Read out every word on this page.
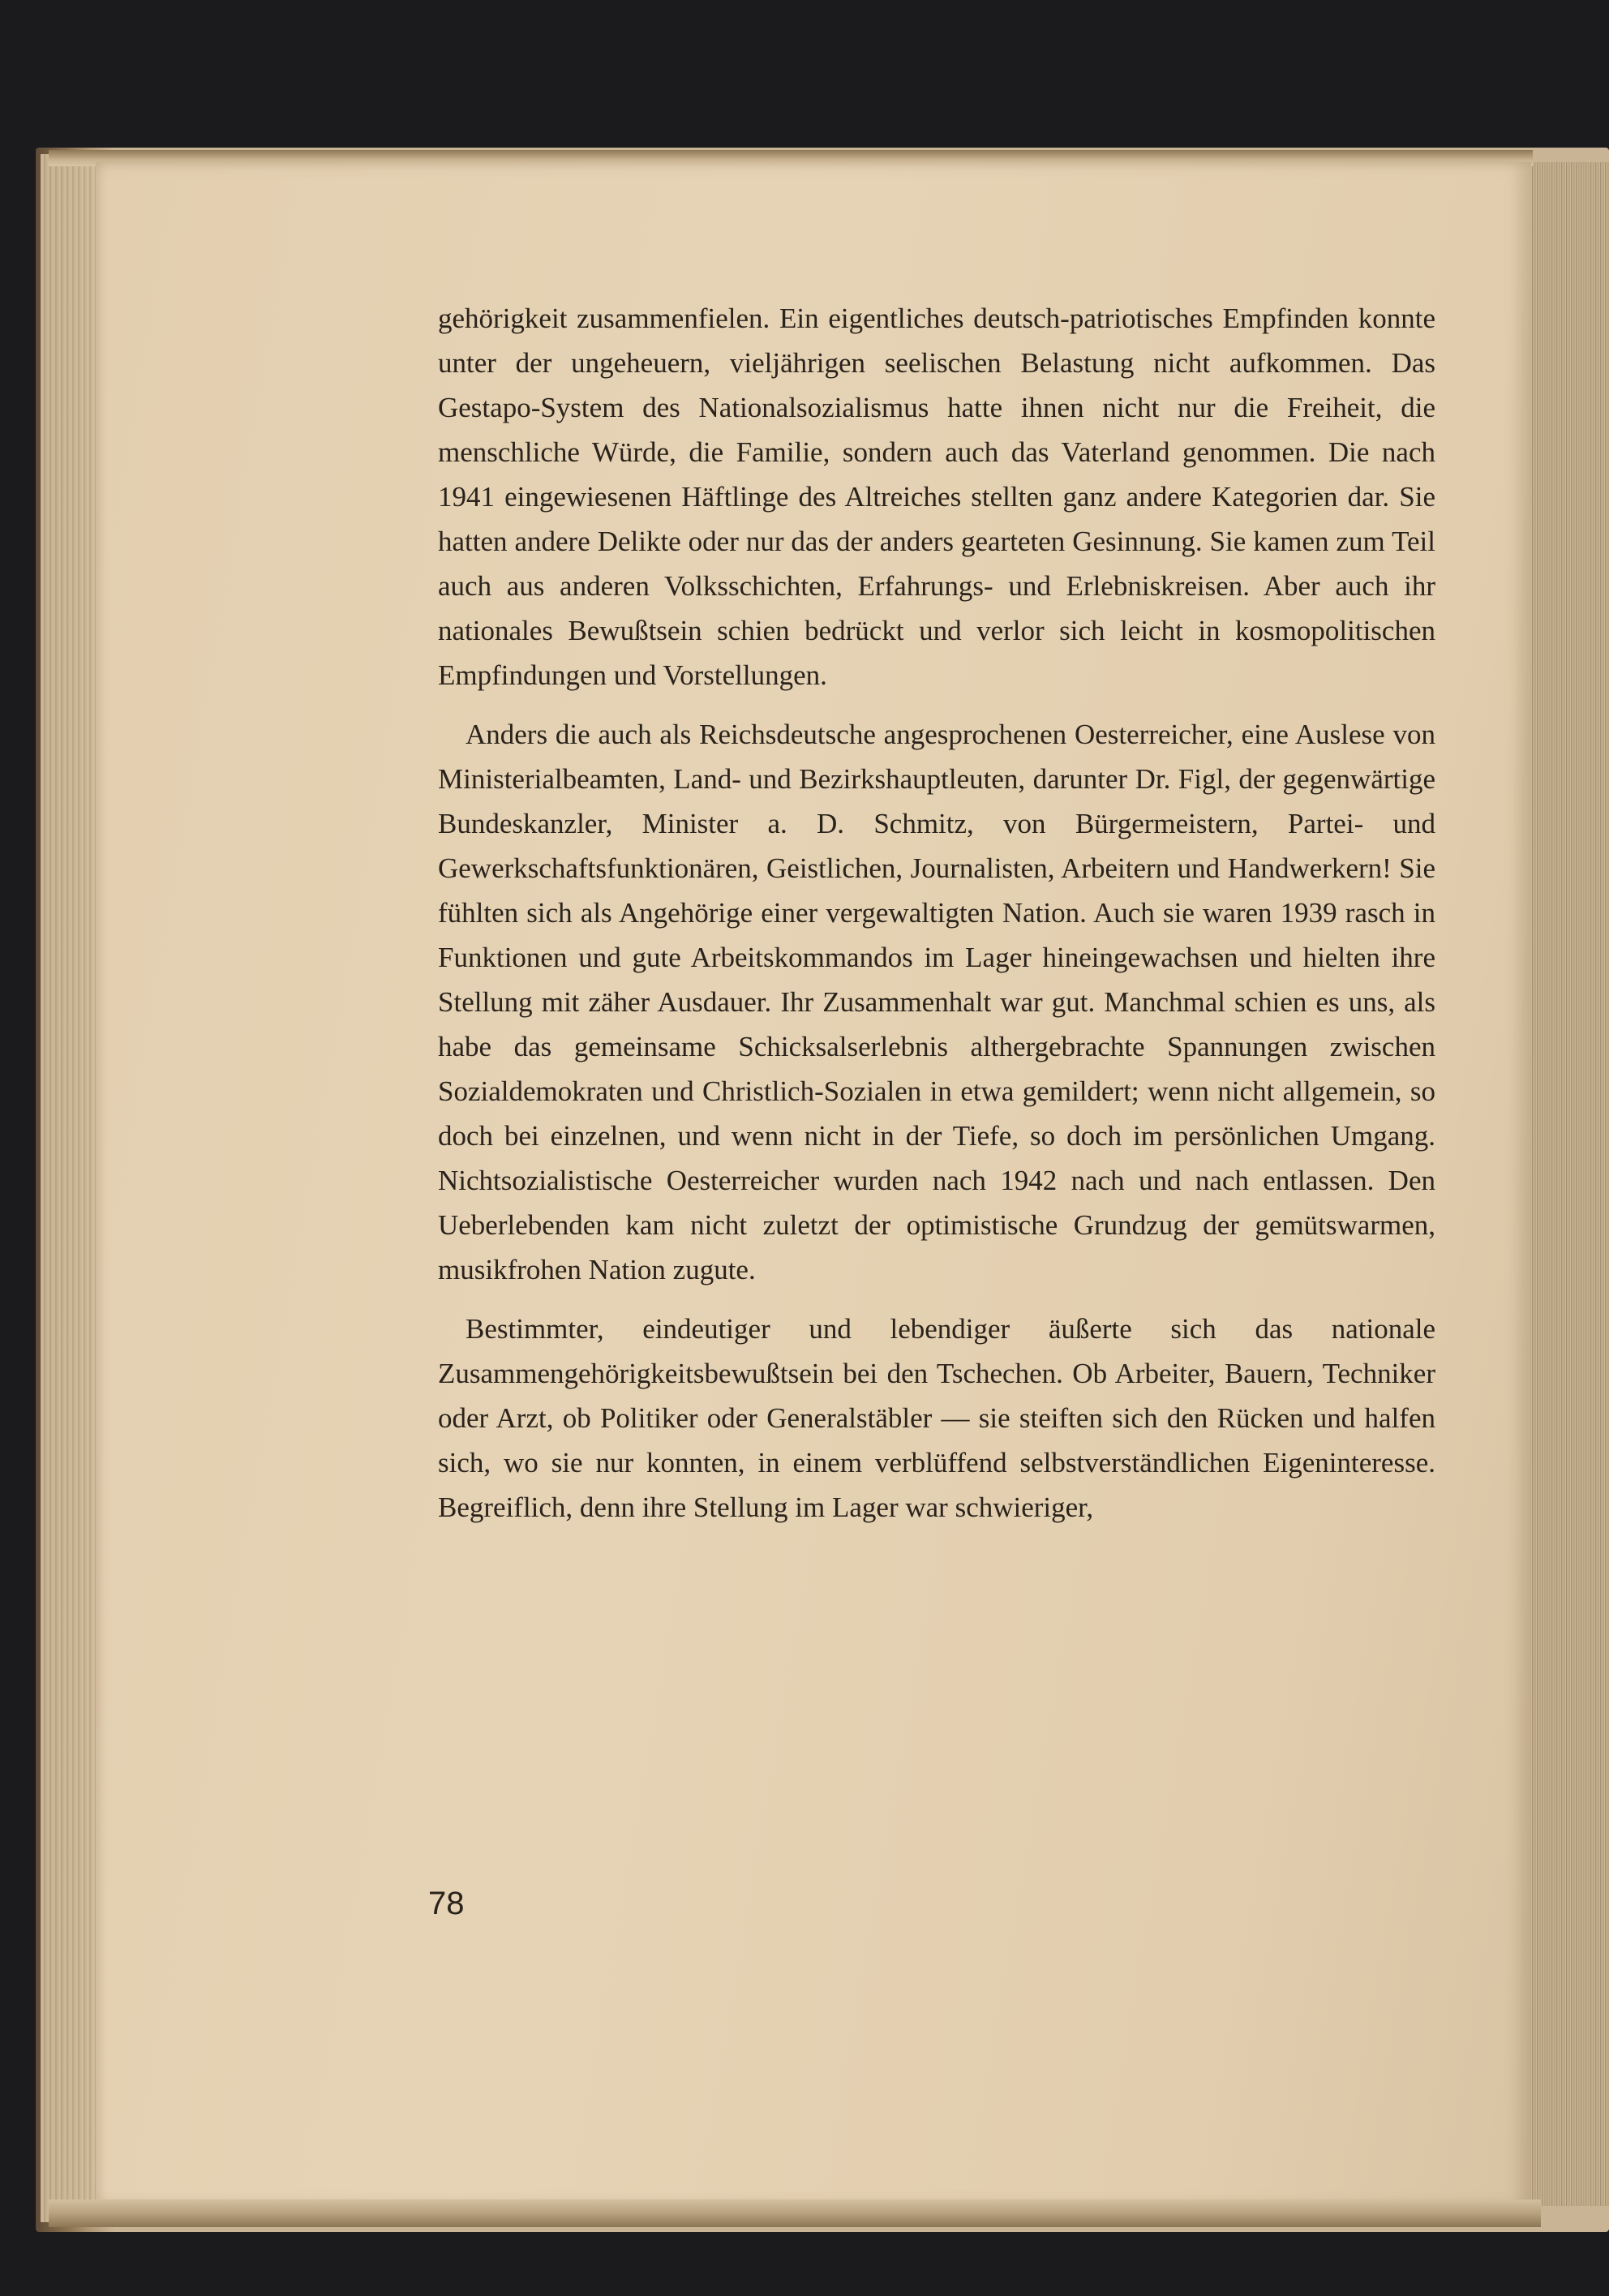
gehörigkeit zusammenfielen. Ein eigentliches deutsch-patriotisches Empfinden konnte unter der ungeheuern, vieljährigen seelischen Belastung nicht aufkommen. Das Gestapo-System des Nationalsozialismus hatte ihnen nicht nur die Freiheit, die menschliche Würde, die Familie, sondern auch das Vaterland genommen. Die nach 1941 eingewiesenen Häftlinge des Altreiches stellten ganz andere Kategorien dar. Sie hatten andere Delikte oder nur das der anders gearteten Gesinnung. Sie kamen zum Teil auch aus anderen Volksschichten, Erfahrungs- und Erlebniskreisen. Aber auch ihr nationales Bewußtsein schien bedrückt und verlor sich leicht in kosmopolitischen Empfindungen und Vorstellungen.

Anders die auch als Reichsdeutsche angesprochenen Oesterreicher, eine Auslese von Ministerialbeamten, Land- und Bezirkshauptleuten, darunter Dr. Figl, der gegenwärtige Bundeskanzler, Minister a. D. Schmitz, von Bürgermeistern, Partei- und Gewerkschaftsfunktionären, Geistlichen, Journalisten, Arbeitern und Handwerkern! Sie fühlten sich als Angehörige einer vergewaltigten Nation. Auch sie waren 1939 rasch in Funktionen und gute Arbeitskommandos im Lager hineingewachsen und hielten ihre Stellung mit zäher Ausdauer. Ihr Zusammenhalt war gut. Manchmal schien es uns, als habe das gemeinsame Schicksalserlebnis althergebrachte Spannungen zwischen Sozialdemokraten und Christlich-Sozialen in etwa gemildert; wenn nicht allgemein, so doch bei einzelnen, und wenn nicht in der Tiefe, so doch im persönlichen Umgang. Nichtsozialistische Oesterreicher wurden nach 1942 nach und nach entlassen. Den Ueberlebenden kam nicht zuletzt der optimistische Grundzug der gemütswarmen, musikfrohen Nation zugute.

Bestimmter, eindeutiger und lebendiger äußerte sich das nationale Zusammengehörigkeitsbewußtsein bei den Tschechen. Ob Arbeiter, Bauern, Techniker oder Arzt, ob Politiker oder Generalstäbler — sie steiften sich den Rücken und halfen sich, wo sie nur konnten, in einem verblüffend selbstverständlichen Eigeninteresse. Begreiflich, denn ihre Stellung im Lager war schwieriger,

78
